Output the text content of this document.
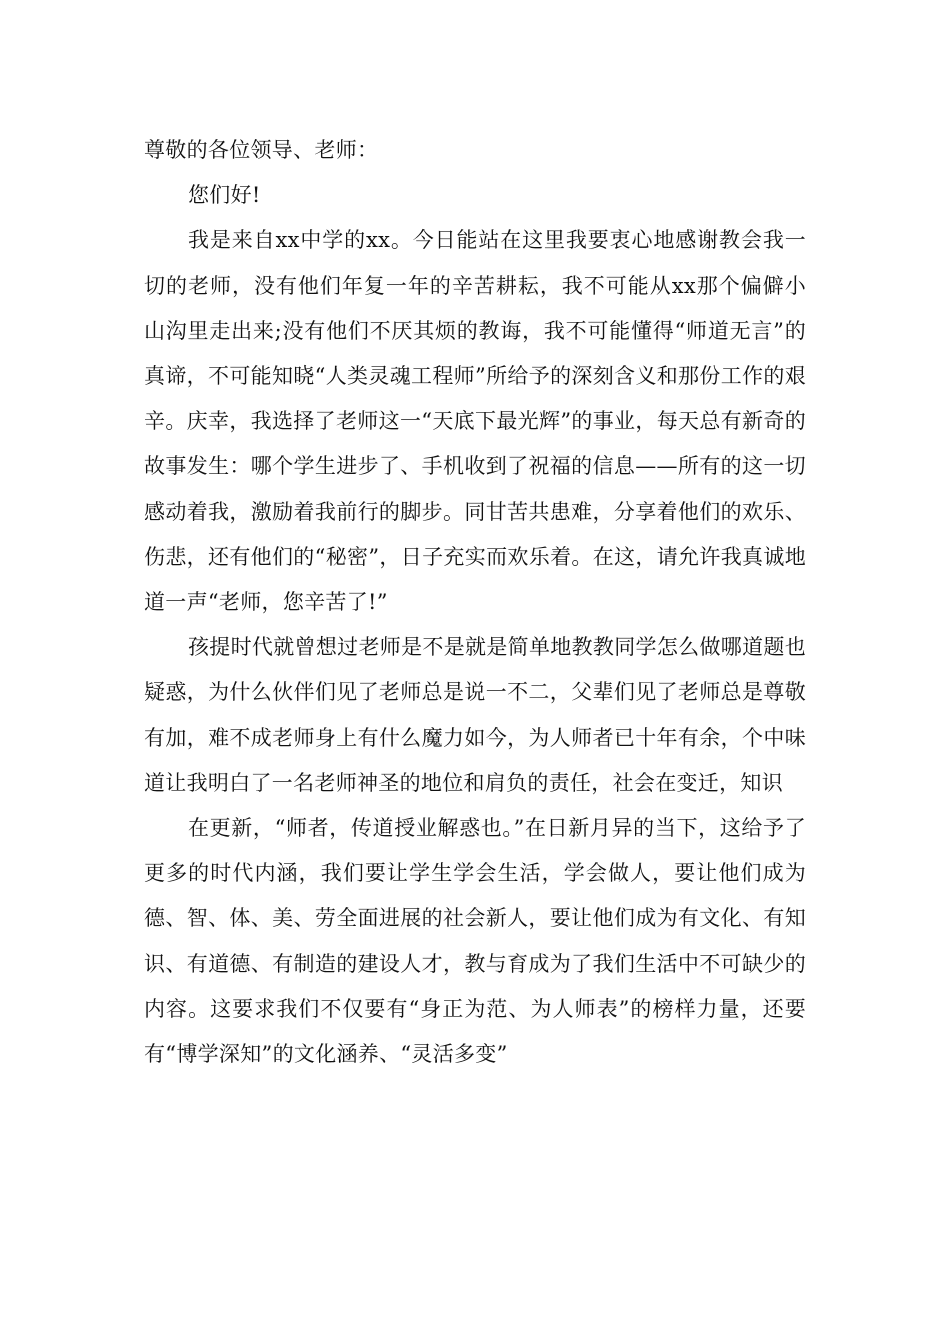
尊敬的各位领导、老师：

您们好!

我是来自xx中学的xx。今日能站在这里我要衷心地感谢教会我一切的老师，没有他们年复一年的辛苦耕耘，我不可能从xx那个偏僻小山沟里走出来;没有他们不厌其烦的教诲，我不可能懂得“师道无言”的真谛，不可能知晓“人类灵魂工程师”所给予的深刻含义和那份工作的艰辛。庆幸，我选择了老师这一“天底下最光辉”的事业，每天总有新奇的故事发生：哪个学生进步了、手机收到了祝福的信息——所有的这一切感动着我，激励着我前行的脚步。同甘苦共患难，分享着他们的欢乐、伤悲，还有他们的“秘密”，日子充实而欢乐着。在这，请允许我真诚地道一声“老师，您辛苦了!”

孩提时代就曾想过老师是不是就是简单地教教同学怎么做哪道题也疑惑，为什么伙伴们见了老师总是说一不二，父辈们见了老师总是尊敬有加，难不成老师身上有什么魔力如今，为人师者已十年有余，个中味道让我明白了一名老师神圣的地位和肩负的责任，社会在变迁，知识

在更新，“师者，传道授业解惑也。”在日新月异的当下，这给予了更多的时代内涵，我们要让学生学会生活，学会做人，要让他们成为德、智、体、美、劳全面进展的社会新人，要让他们成为有文化、有知识、有道德、有制造的建设人才，教与育成为了我们生活中不可缺少的内容。这要求我们不仅要有“身正为范、为人师表”的榜样力量，还要有“博学深知”的文化涵养、“灵活多变”
